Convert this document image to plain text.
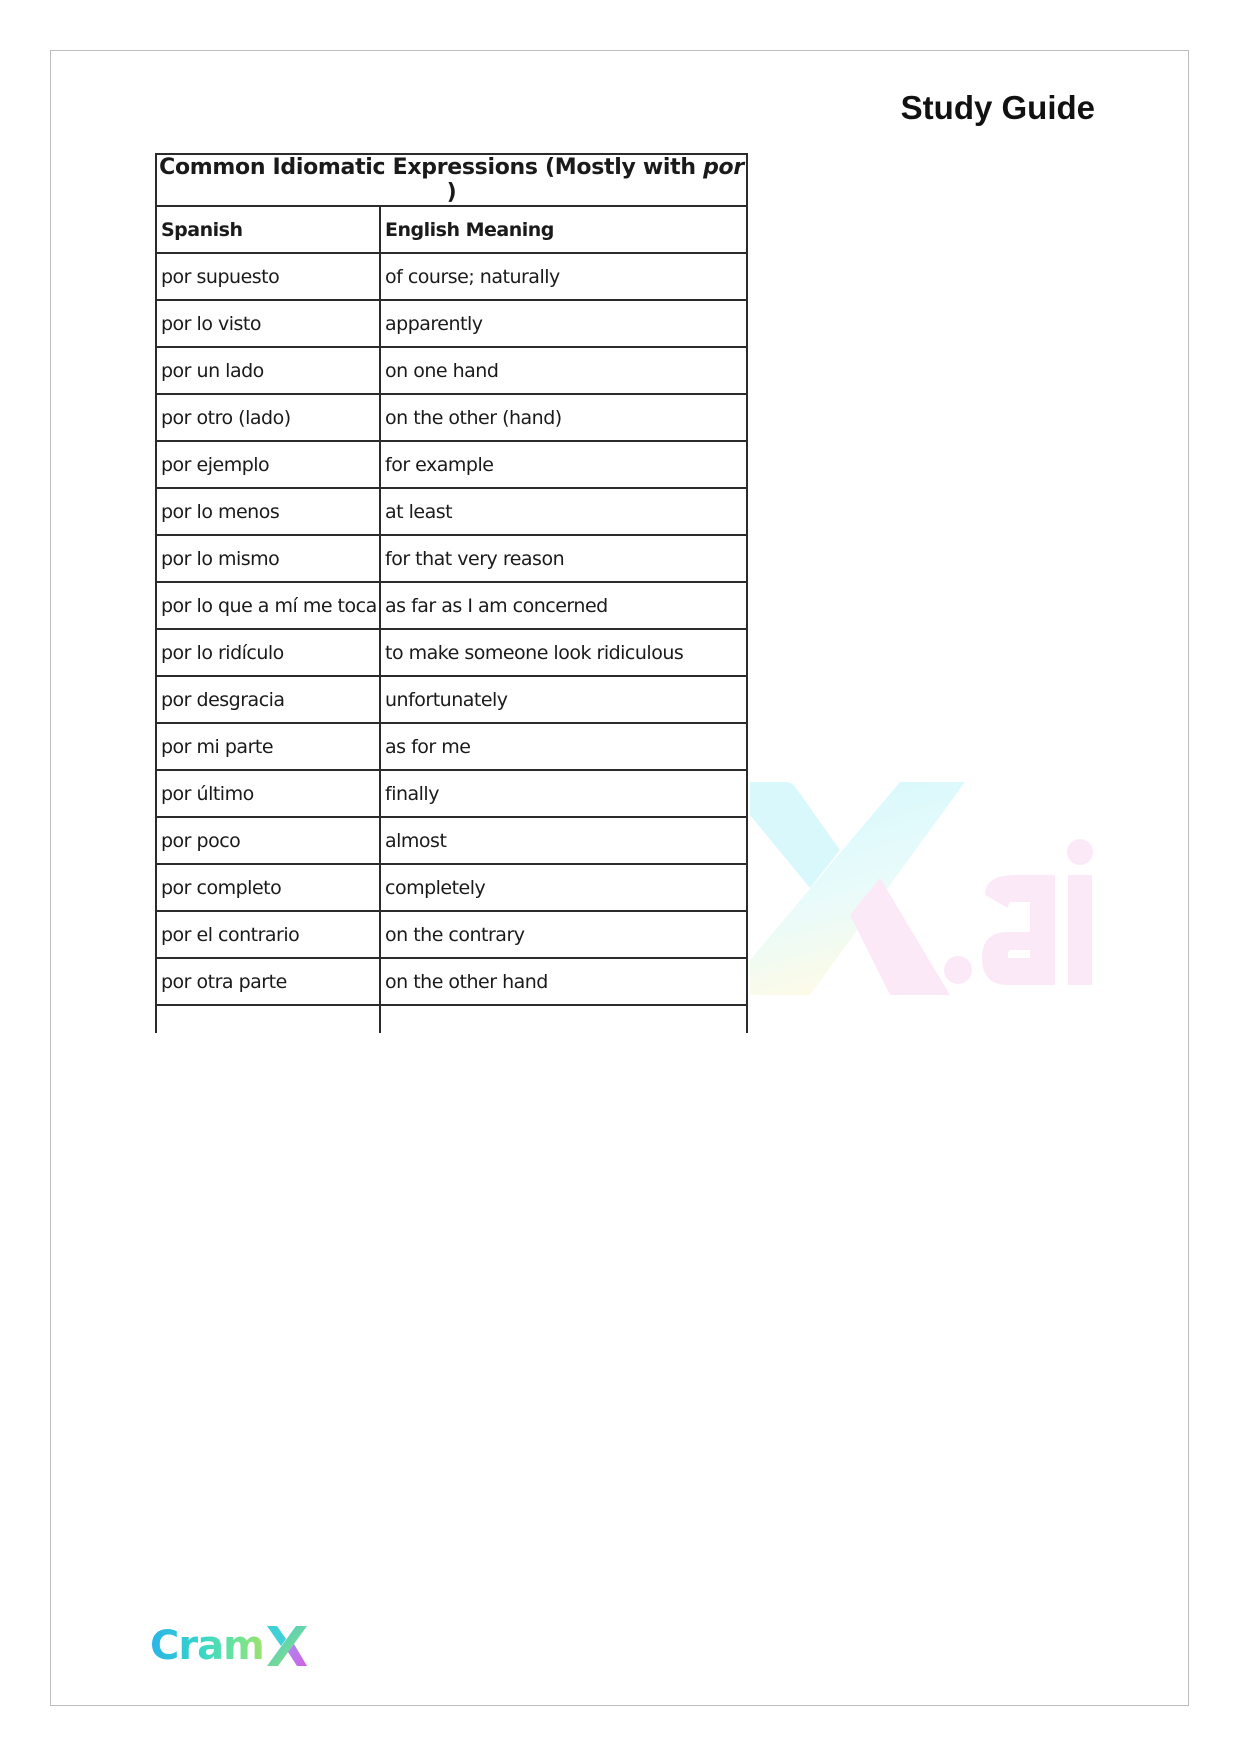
Study Guide
Common Idiomatic Expressions (Mostly with por )	
Spanish	English Meaning
por supuesto	of course; naturally
por lo visto	apparently
por un lado	on one hand
por otro (lado)	on the other (hand)
por ejemplo	for example
por lo menos	at least
por lo mismo	for that very reason
por lo que a mí me toca	as far as I am concerned
por lo ridículo	to make someone look ridiculous
por desgracia	unfortunately
por mi parte	as for me
por último	finally
por poco	almost
por completo	completely
por el contrario	on the contrary
por otra parte	on the other hand

Cram
